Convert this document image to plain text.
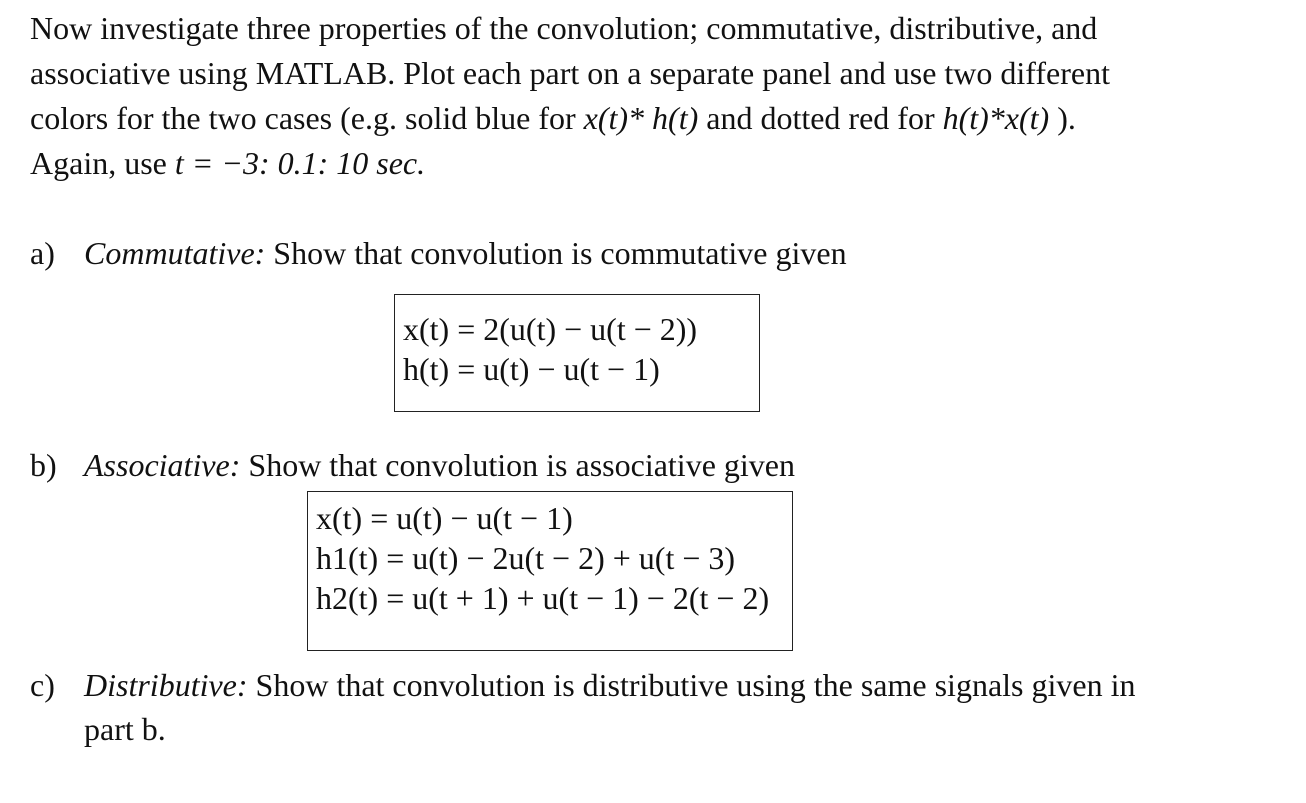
Now investigate three properties of the convolution; commutative, distributive, and
associative using MATLAB. Plot each part on a separate panel and use two different
colors for the two cases (e.g. solid blue for x(t)* h(t) and dotted red for h(t)*x(t) ).
Again, use t = −3: 0.1: 10 sec.
a) Commutative: Show that convolution is commutative given
x(t) = 2(u(t) − u(t − 2))
h(t) = u(t) − u(t − 1)
b) Associative: Show that convolution is associative given
x(t) = u(t) − u(t − 1)
h1(t) = u(t) − 2u(t − 2) + u(t − 3)
h2(t) = u(t + 1) + u(t − 1) − 2(t − 2)
c) Distributive: Show that convolution is distributive using the same signals given in
part b.
